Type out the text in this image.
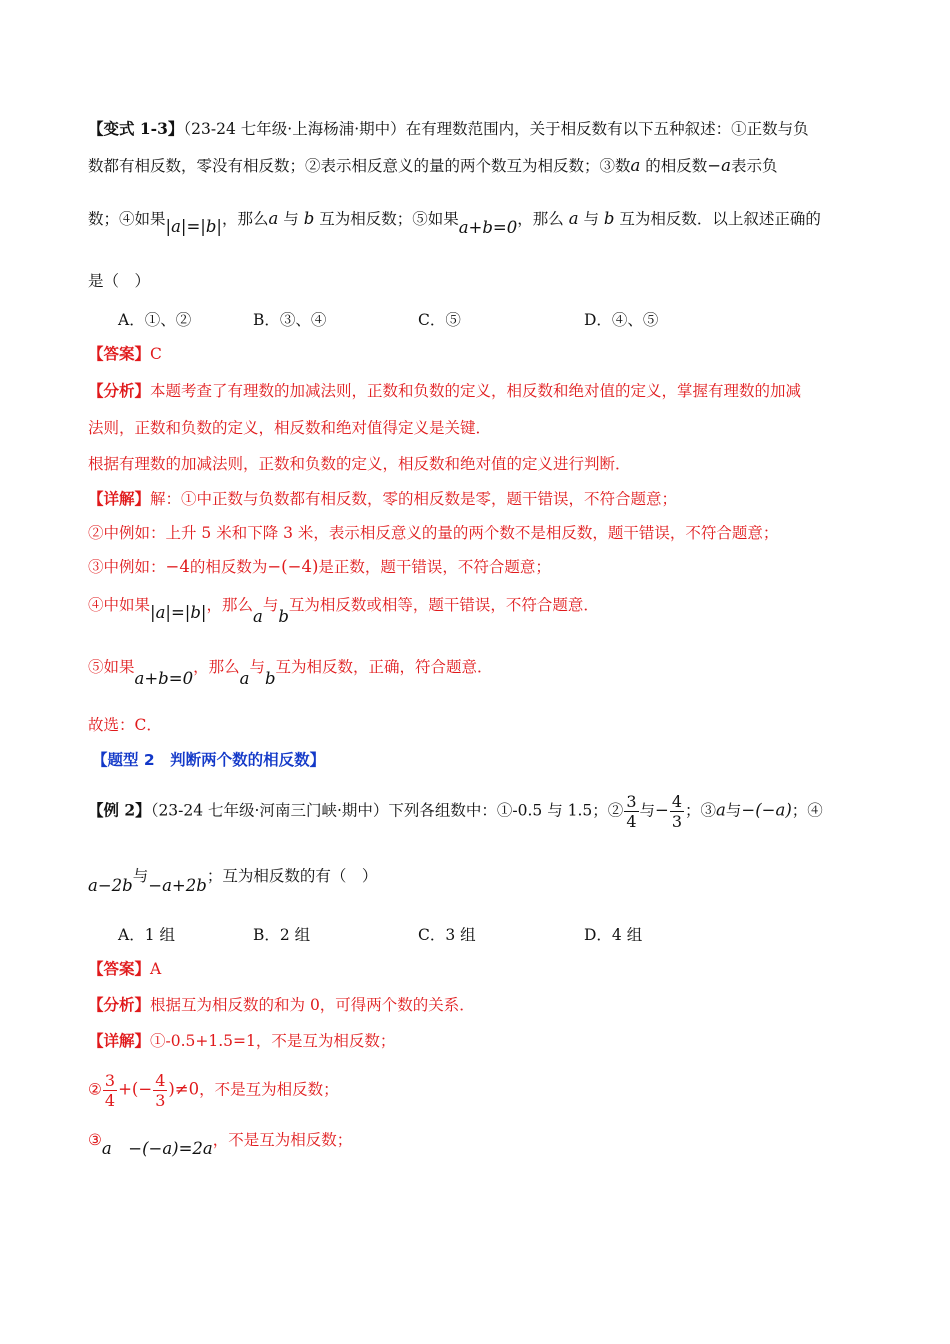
【变式 1-3】（23-24 七年级·上海杨浦·期中）在有理数范围内，关于相反数有以下五种叙述：①正数与负
数都有相反数，零没有相反数；②表示相反意义的量的两个数互为相反数；③数a 的相反数−a表示负
数；④如果|a|=|b|，那么a 与 b 互为相反数；⑤如果a+b=0，那么 a 与 b 互为相反数．以上叙述正确的
是（　）
A．①、②	B．③、④	C．⑤	D．④、⑤
【答案】C
【分析】本题考查了有理数的加减法则，正数和负数的定义，相反数和绝对值的定义，掌握有理数的加减
法则，正数和负数的定义，相反数和绝对值得定义是关键．
根据有理数的加减法则，正数和负数的定义，相反数和绝对值的定义进行判断．
【详解】解：①中正数与负数都有相反数，零的相反数是零，题干错误，不符合题意；
②中例如：上升 5 米和下降 3 米，表示相反意义的量的两个数不是相反数，题干错误，不符合题意；
③中例如：−4的相反数为−(−4)是正数，题干错误，不符合题意；
④中如果|a|=|b|，那么a与b互为相反数或相等，题干错误，不符合题意．
⑤如果a+b=0，那么a与b互为相反数，正确，符合题意．
故选：C．
【题型 2　判断两个数的相反数】
【例 2】（23-24 七年级·河南三门峡·期中）下列各组数中：①-0.5 与 1.5；② $\frac{3}{4}$ 与− $\frac{4}{3}$ ；③a与−(−a)；④
a−2b与−a+2b；互为相反数的有（　）
A．1 组	B．2 组	C．3 组	D．4 组
【答案】A
【分析】根据互为相反数的和为 0，可得两个数的关系．
【详解】①-0.5+1.5=1，不是互为相反数；
② $\frac{3}{4}$ +(− $\frac{4}{3} )\ne 0$，不是互为相反数；
③a　−(−a)=2a，不是互为相反数；
